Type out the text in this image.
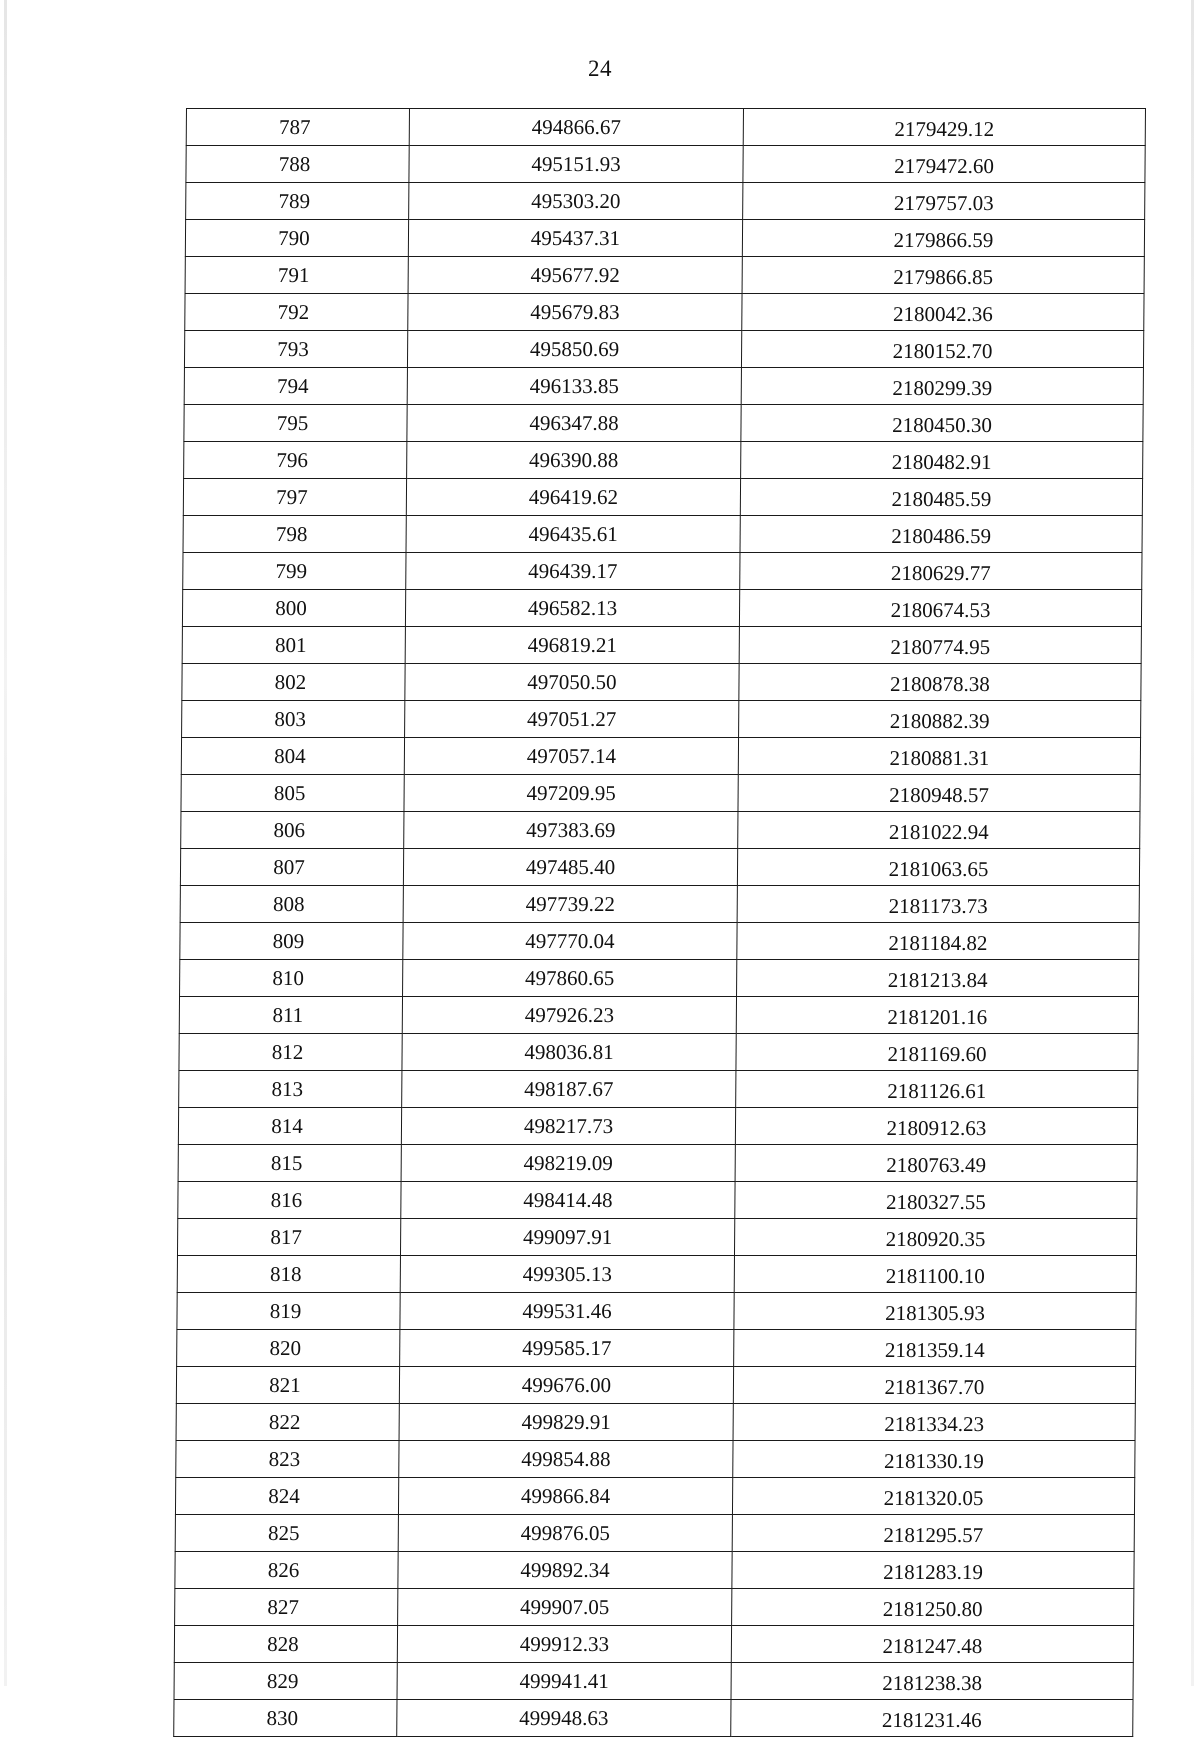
24
787	494866.67	2179429.12
788	495151.93	2179472.60
789	495303.20	2179757.03
790	495437.31	2179866.59
791	495677.92	2179866.85
792	495679.83	2180042.36
793	495850.69	2180152.70
794	496133.85	2180299.39
795	496347.88	2180450.30
796	496390.88	2180482.91
797	496419.62	2180485.59
798	496435.61	2180486.59
799	496439.17	2180629.77
800	496582.13	2180674.53
801	496819.21	2180774.95
802	497050.50	2180878.38
803	497051.27	2180882.39
804	497057.14	2180881.31
805	497209.95	2180948.57
806	497383.69	2181022.94
807	497485.40	2181063.65
808	497739.22	2181173.73
809	497770.04	2181184.82
810	497860.65	2181213.84
811	497926.23	2181201.16
812	498036.81	2181169.60
813	498187.67	2181126.61
814	498217.73	2180912.63
815	498219.09	2180763.49
816	498414.48	2180327.55
817	499097.91	2180920.35
818	499305.13	2181100.10
819	499531.46	2181305.93
820	499585.17	2181359.14
821	499676.00	2181367.70
822	499829.91	2181334.23
823	499854.88	2181330.19
824	499866.84	2181320.05
825	499876.05	2181295.57
826	499892.34	2181283.19
827	499907.05	2181250.80
828	499912.33	2181247.48
829	499941.41	2181238.38
830	499948.63	2181231.46
